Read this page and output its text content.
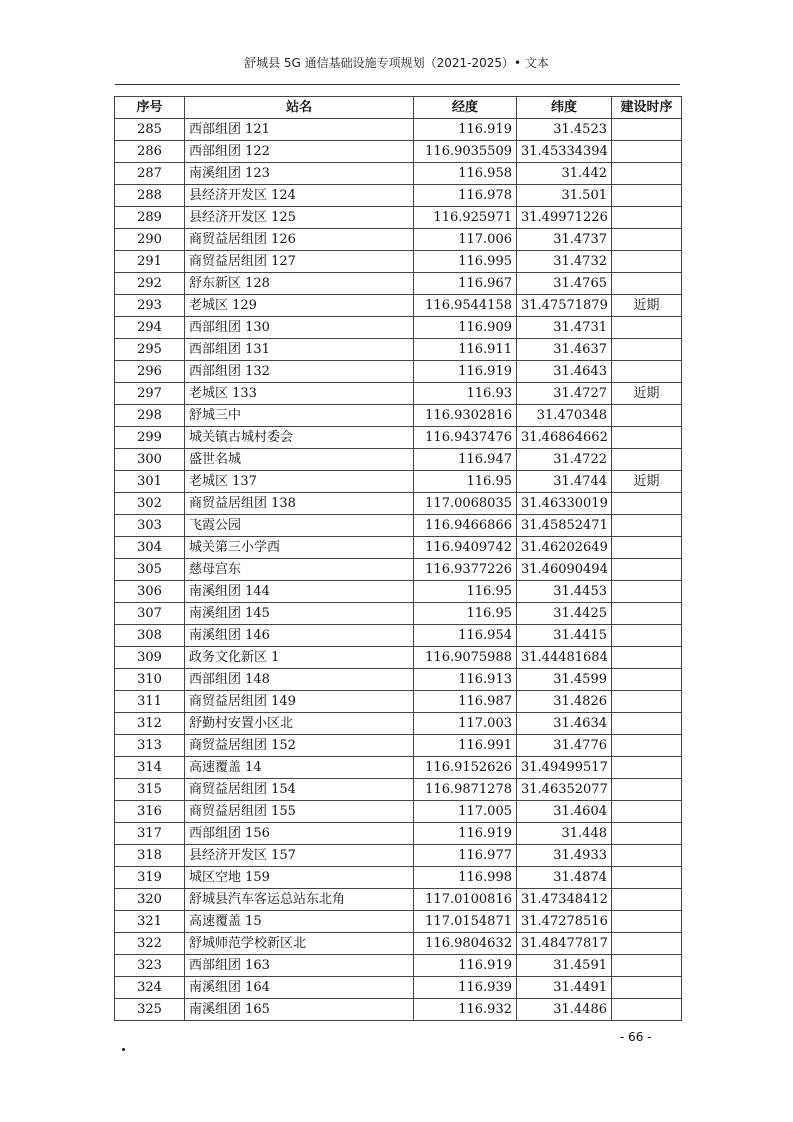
舒城县 5G 通信基础设施专项规划（2021-2025）• 文本
序号	站名	经度	纬度	建设时序
285	西部组团 121	116.919	31.4523	
286	西部组团 122	116.9035509	31.45334394	
287	南溪组团 123	116.958	31.442	
288	县经济开发区 124	116.978	31.501	
289	县经济开发区 125	116.925971	31.49971226	
290	商贸益居组团 126	117.006	31.4737	
291	商贸益居组团 127	116.995	31.4732	
292	舒东新区 128	116.967	31.4765	
293	老城区 129	116.9544158	31.47571879	近期
294	西部组团 130	116.909	31.4731	
295	西部组团 131	116.911	31.4637	
296	西部组团 132	116.919	31.4643	
297	老城区 133	116.93	31.4727	近期
298	舒城三中	116.9302816	31.470348	
299	城关镇古城村委会	116.9437476	31.46864662	
300	盛世名城	116.947	31.4722	
301	老城区 137	116.95	31.4744	近期
302	商贸益居组团 138	117.0068035	31.46330019	
303	飞霞公园	116.9466866	31.45852471	
304	城关第三小学西	116.9409742	31.46202649	
305	慈母宫东	116.9377226	31.46090494	
306	南溪组团 144	116.95	31.4453	
307	南溪组团 145	116.95	31.4425	
308	南溪组团 146	116.954	31.4415	
309	政务文化新区 1	116.9075988	31.44481684	
310	西部组团 148	116.913	31.4599	
311	商贸益居组团 149	116.987	31.4826	
312	舒勤村安置小区北	117.003	31.4634	
313	商贸益居组团 152	116.991	31.4776	
314	高速覆盖 14	116.9152626	31.49499517	
315	商贸益居组团 154	116.9871278	31.46352077	
316	商贸益居组团 155	117.005	31.4604	
317	西部组团 156	116.919	31.448	
318	县经济开发区 157	116.977	31.4933	
319	城区空地 159	116.998	31.4874	
320	舒城县汽车客运总站东北角	117.0100816	31.47348412	
321	高速覆盖 15	117.0154871	31.47278516	
322	舒城师范学校新区北	116.9804632	31.48477817	
323	西部组团 163	116.919	31.4591	
324	南溪组团 164	116.939	31.4491	
325	南溪组团 165	116.932	31.4486	
- 66 -
